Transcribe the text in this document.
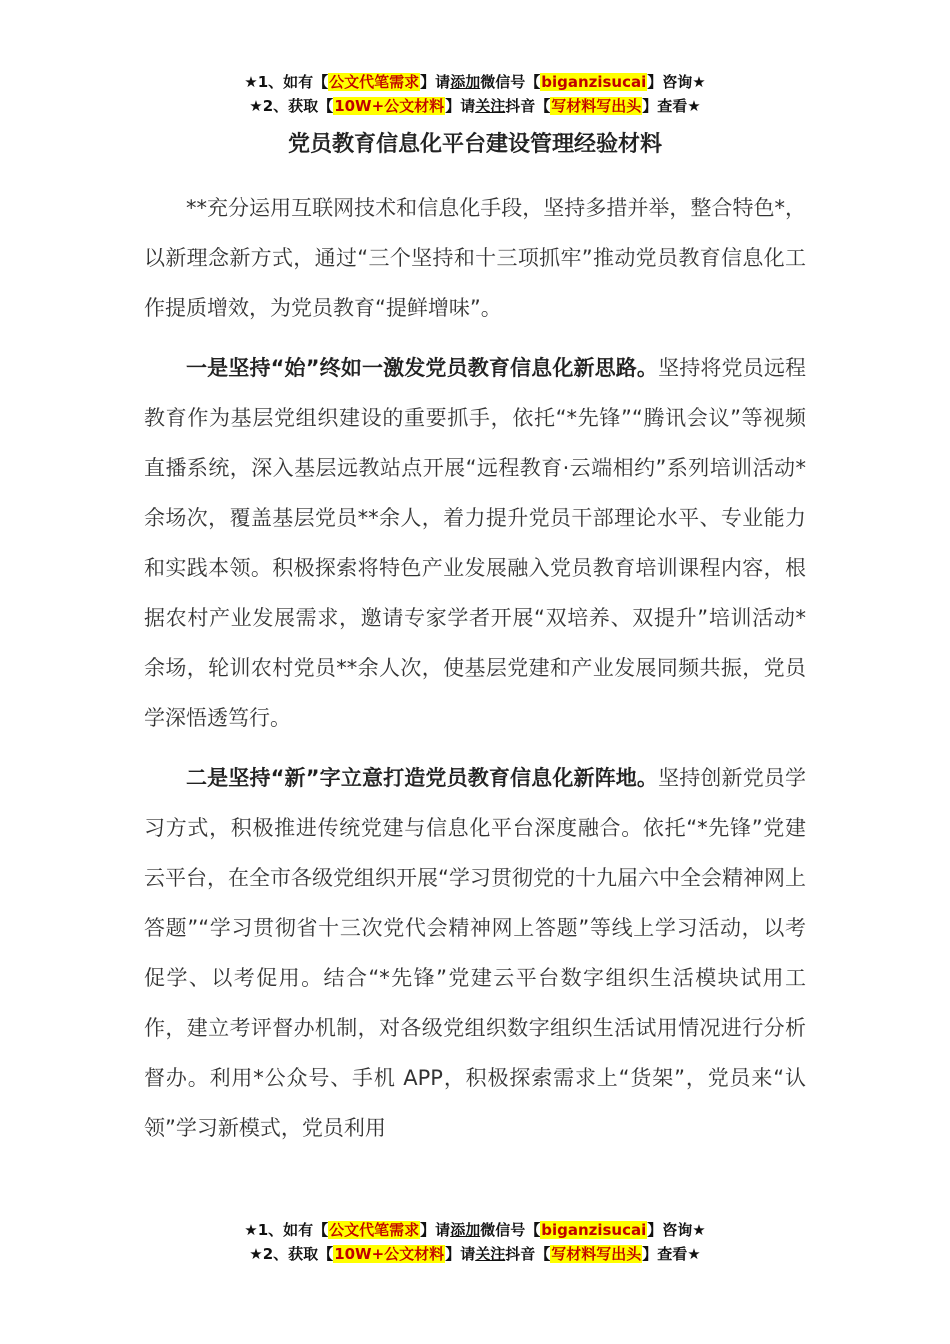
★1、如有【公文代笔需求】请添加微信号【biganzisucai】咨询★
★2、获取【10W+公文材料】请关注抖音【写材料写出头】查看★
党员教育信息化平台建设管理经验材料

**充分运用互联网技术和信息化手段，坚持多措并举，整合特色*，以新理念新方式，通过“三个坚持和十三项抓牢”推动党员教育信息化工作提质增效，为党员教育“提鲜增味”。

一是坚持“始”终如一激发党员教育信息化新思路。坚持将党员远程教育作为基层党组织建设的重要抓手，依托“*先锋”“腾讯会议”等视频直播系统，深入基层远教站点开展“远程教育·云端相约”系列培训活动*余场次，覆盖基层党员**余人，着力提升党员干部理论水平、专业能力和实践本领。积极探索将特色产业发展融入党员教育培训课程内容，根据农村产业发展需求，邀请专家学者开展“双培养、双提升”培训活动*余场，轮训农村党员**余人次，使基层党建和产业发展同频共振，党员学深悟透笃行。

二是坚持“新”字立意打造党员教育信息化新阵地。坚持创新党员学习方式，积极推进传统党建与信息化平台深度融合。依托“*先锋”党建云平台，在全市各级党组织开展“学习贯彻党的十九届六中全会精神网上答题”“学习贯彻省十三次党代会精神网上答题”等线上学习活动，以考促学、以考促用。结合“*先锋”党建云平台数字组织生活模块试用工作，建立考评督办机制，对各级党组织数字组织生活试用情况进行分析督办。利用*公众号、手机 APP，积极探索需求上“货架”，党员来“认领”学习新模式，党员利用

★1、如有【公文代笔需求】请添加微信号【biganzisucai】咨询★
★2、获取【10W+公文材料】请关注抖音【写材料写出头】查看★
